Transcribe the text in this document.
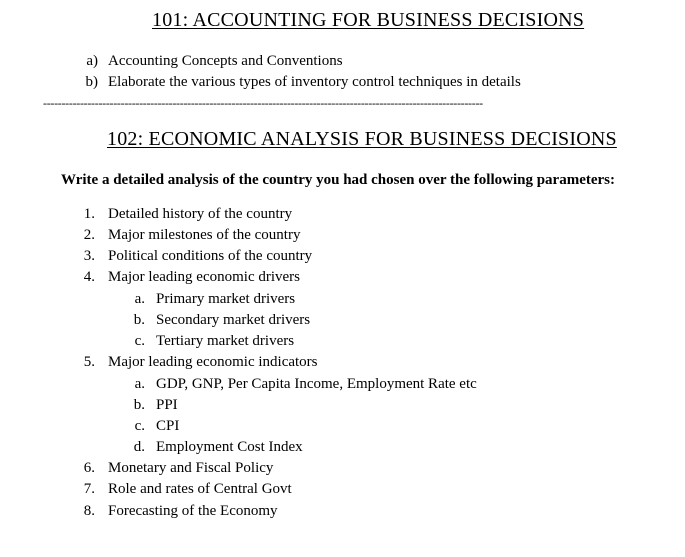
101: ACCOUNTING FOR BUSINESS DECISIONS
a) Accounting Concepts and Conventions
b) Elaborate the various types of inventory control techniques in details
-----------------------------------------------------------------------------------------------------------------------
102: ECONOMIC ANALYSIS FOR BUSINESS DECISIONS
Write a detailed analysis of the country you had chosen over the following parameters:
1. Detailed history of the country
2. Major milestones of the country
3. Political conditions of the country
4. Major leading economic drivers
a. Primary market drivers
b. Secondary market drivers
c. Tertiary market drivers
5. Major leading economic indicators
a. GDP, GNP, Per Capita Income, Employment Rate etc
b. PPI
c. CPI
d. Employment Cost Index
6. Monetary and Fiscal Policy
7. Role and rates of Central Govt
8. Forecasting of the Economy
